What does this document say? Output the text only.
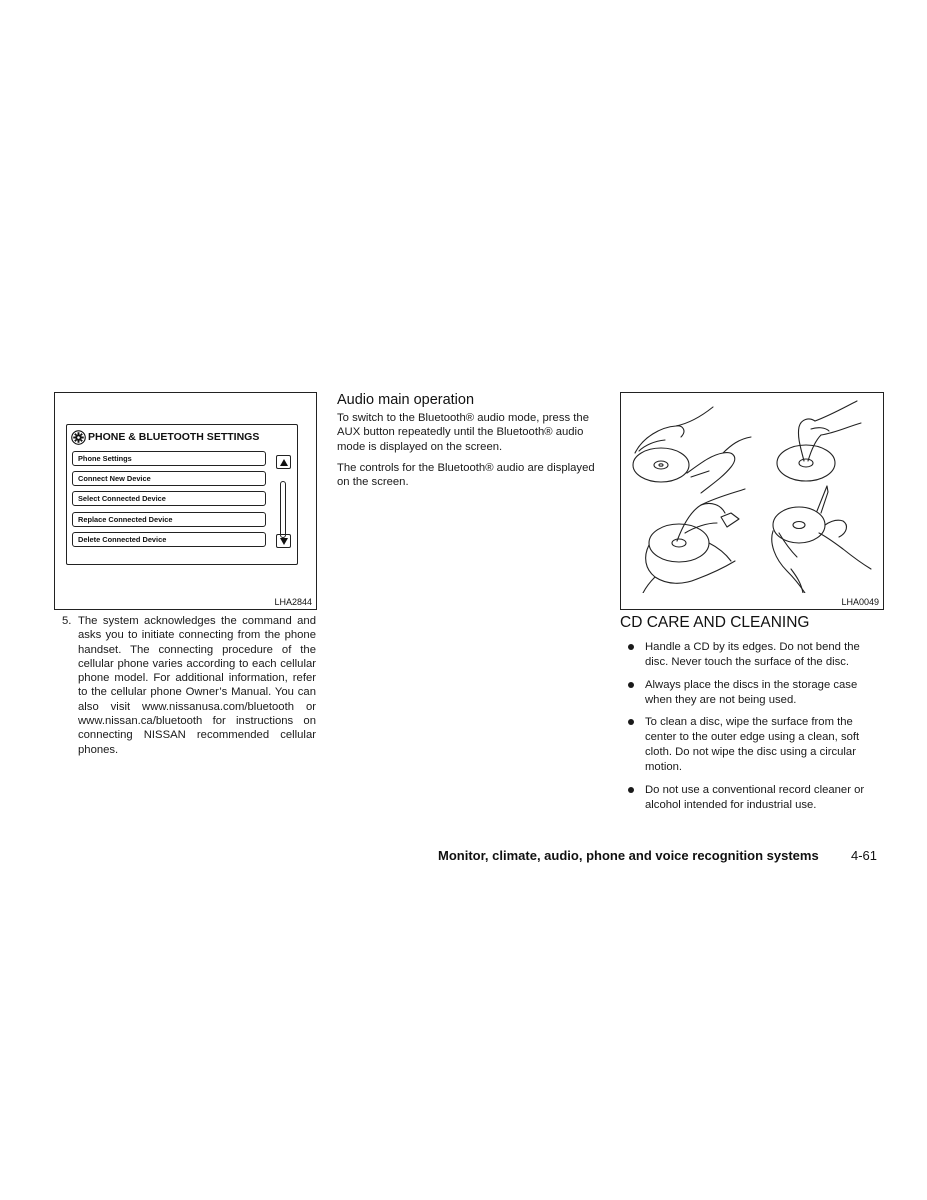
PHONE & BLUETOOTH SETTINGS
Phone Settings
Connect New Device
Select Connected Device
Replace Connected Device
Delete Connected Device
LHA2844
5. The system acknowledges the command and asks you to initiate connecting from the phone handset. The connecting procedure of the cellular phone varies according to each cellular phone model. For additional information, refer to the cellular phone Owner’s Manual. You can also visit www.nissanusa.com/bluetooth or www.nissan.ca/bluetooth for instructions on connecting NISSAN recommended cellular phones.
Audio main operation
To switch to the Bluetooth® audio mode, press the AUX button repeatedly until the Bluetooth® audio mode is displayed on the screen.
The controls for the Bluetooth® audio are displayed on the screen.
LHA0049
CD CARE AND CLEANING
Handle a CD by its edges. Do not bend the disc. Never touch the surface of the disc.
Always place the discs in the storage case when they are not being used.
To clean a disc, wipe the surface from the center to the outer edge using a clean, soft cloth. Do not wipe the disc using a circular motion.
Do not use a conventional record cleaner or alcohol intended for industrial use.
Monitor, climate, audio, phone and voice recognition systems 4-61
